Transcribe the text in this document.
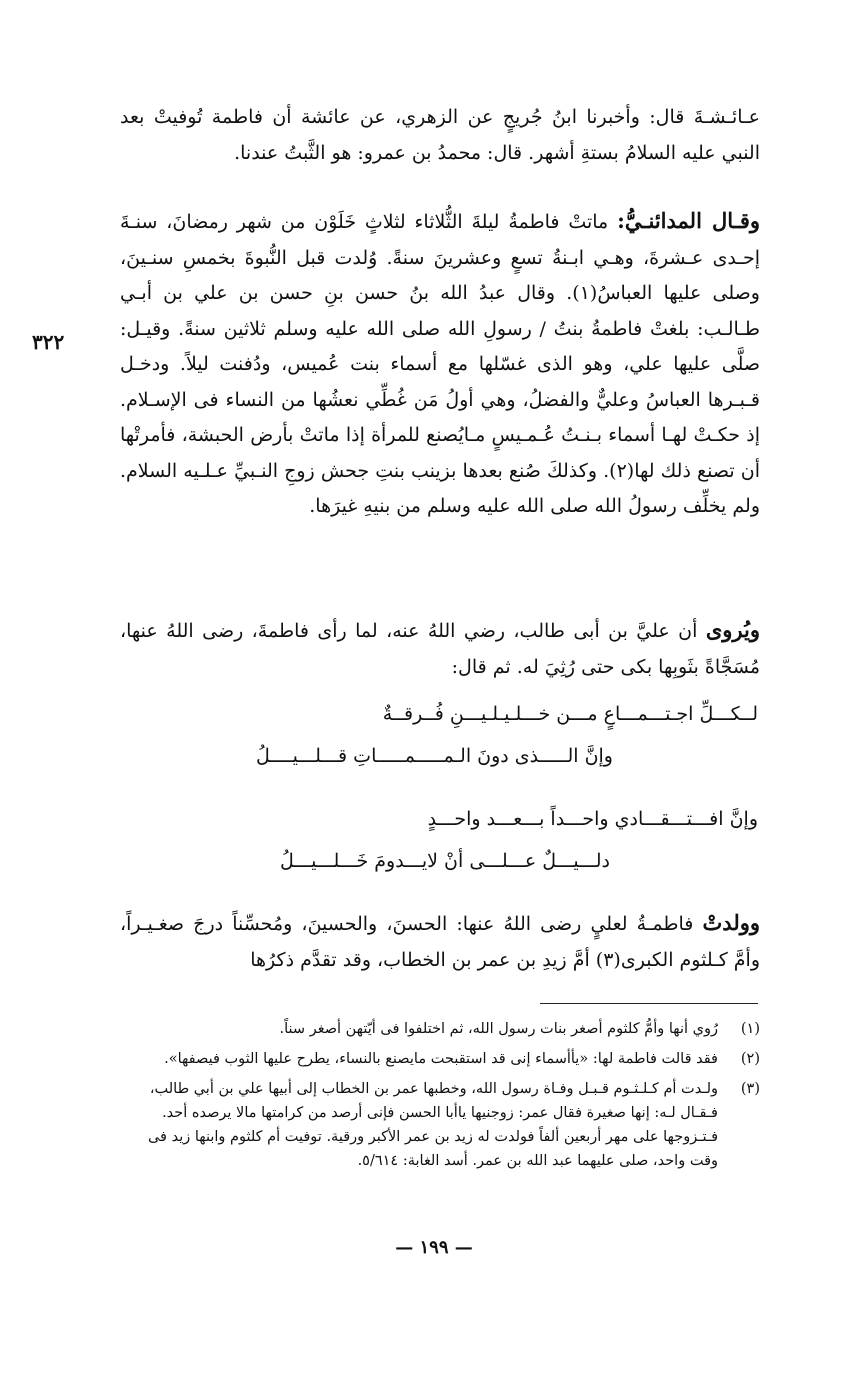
عـائـشـةَ قال: وأخبرنا ابنُ جُريجٍ عن الزهري، عن عائشة أن فاطمة تُوفيتْ بعد النبي عليه السلامُ بستةِ أشهر. قال: محمدُ بن عمرو: هو الثَّبتُ عندنا.
وقـال المدائنـيُّ: ماتتْ فاطمةُ ليلةَ الثُّلاثاء لثلاثٍ خَلَوْن من شهر رمضانَ، سنـةَ إحـدى عـشرةَ، وهـي ابـنةُ تسعٍ وعشرينَ سنةً. وُلدت قبل النُّبوةَ بخمسِ سنـينَ، وصلى عليها العباسُ(١). وقال عبدُ الله بنُ حسن بنِ حسن بن علي بن أبـي طـالـب: بلغتْ فاطمةُ بنتُ / رسولِ الله صلى الله عليه وسلم ثلاثين سنةً. وقيـل: صلَّى عليها علي، وهو الذى غسّلها مع أسماء بنت عُميس، ودُفنت ليلاً. ودخـل قـبـرها العباسُ وعليٌّ والفضلُ، وهي أولُ مَن غُطِّي نعشُها من النساء فى الإسـلام. إذ حكـتْ لهـا أسماء بـنـتُ عُـمـيسٍ مـايُصنع للمرأة إذا ماتتْ بأرض الحبشة، فأمرتْها أن تصنع ذلك لها(٢). وكذلكَ صُنع بعدها بزينب بنتِ جحش زوجِ النـبيِّ عـلـيه السلام. ولم يخلِّف رسولُ الله صلى الله عليه وسلم من بنيهِ غيرَها.
٣٢٢
ويُروى أن عليَّ بن أبى طالب، رضي اللهُ عنه، لما رأى فاطمةَ، رضى اللهُ عنها، مُسَجَّاةً بثَوبِها بكى حتى رُثِيَ له. ثم قال:
لــكـــلِّ اجـتـــمـــاعٍ مـــن خـــلـيـلـيـــنِ فُــرقــةٌ
وإنَّ الـــــذى دونَ الـمـــــمـــــاتِ قـــلـــيــــلُ
وإنَّ افـــتـــقـــادي واحـــداً بـــعـــد واحـــدٍ
دلـــيـــلٌ عـــلـــى أنْ لايـــدومَ خَـــلـــيـــلُ
وولدتْ فاطمـةُ لعليٍ رضى اللهُ عنها: الحسنَ، والحسينَ، ومُحسِّناً درجَ صغـيـراً، وأمَّ كـلثوم الكبرى(٣) أمَّ زيدِ بن عمر بن الخطاب، وقد تقدَّم ذكرُها
(١)
رُوي أنها وأمُّ كلثوم أصغر بنات رسول الله، ثم اختلفوا فى أيّتهن أصغر سناً.
(٢)
فقد قالت فاطمة لها: «يأأسماء إنى قد استقبحت مايصنع بالنساء، يطرح عليها الثوب فيصفها».
(٣)
ولـدت أم كـلـثـوم قـبـل وفـاة رسول الله، وخطبها عمر بن الخطاب إلى أبيها علي بن أبي طالب، فـقـال لـه: إنها صغيرة فقال عمر: زوجنيها ياأبا الحسن فإنى أرصد من كرامتها مالا يرصده أحد. فـتـزوجها على مهر أربعين ألفاً فولدت له زيد بن عمر الأكبر ورقية. توفيت أم كلثوم وابنها زيد فى وقت واحد، صلى عليهما عبد الله بن عمر. أسد الغابة: ٥/٦١٤.
— ١٩٩ —
